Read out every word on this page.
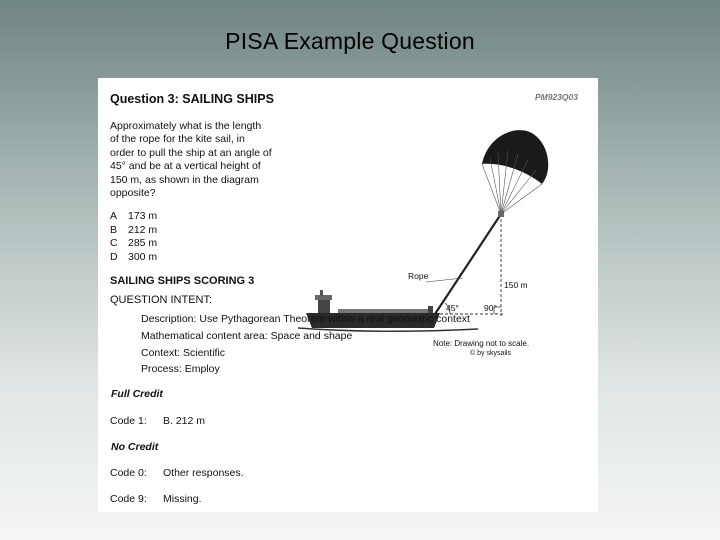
PISA Example Question
Question 3: SAILING SHIPS	PM923Q03
Approximately what is the length
of the rope for the kite sail, in
order to pull the ship at an angle of
45° and be at a vertical height of
150 m, as shown in the diagram
opposite?
A	173 m
B	212 m
C 285 m
D 300 m
Rope
150 m
45°	90°
Note: Drawing not to scale.
© by skysails
SAILING SHIPS SCORING 3
QUESTION INTENT:
Description: Use Pythagorean Theorem within a real geometric context
Mathematical content area: Space and shape
Context: Scientific
Process: Employ
Full Credit
Code 1:	B. 212 m
No Credit
Code 0:	Other responses.
Code 9:	Missing.
